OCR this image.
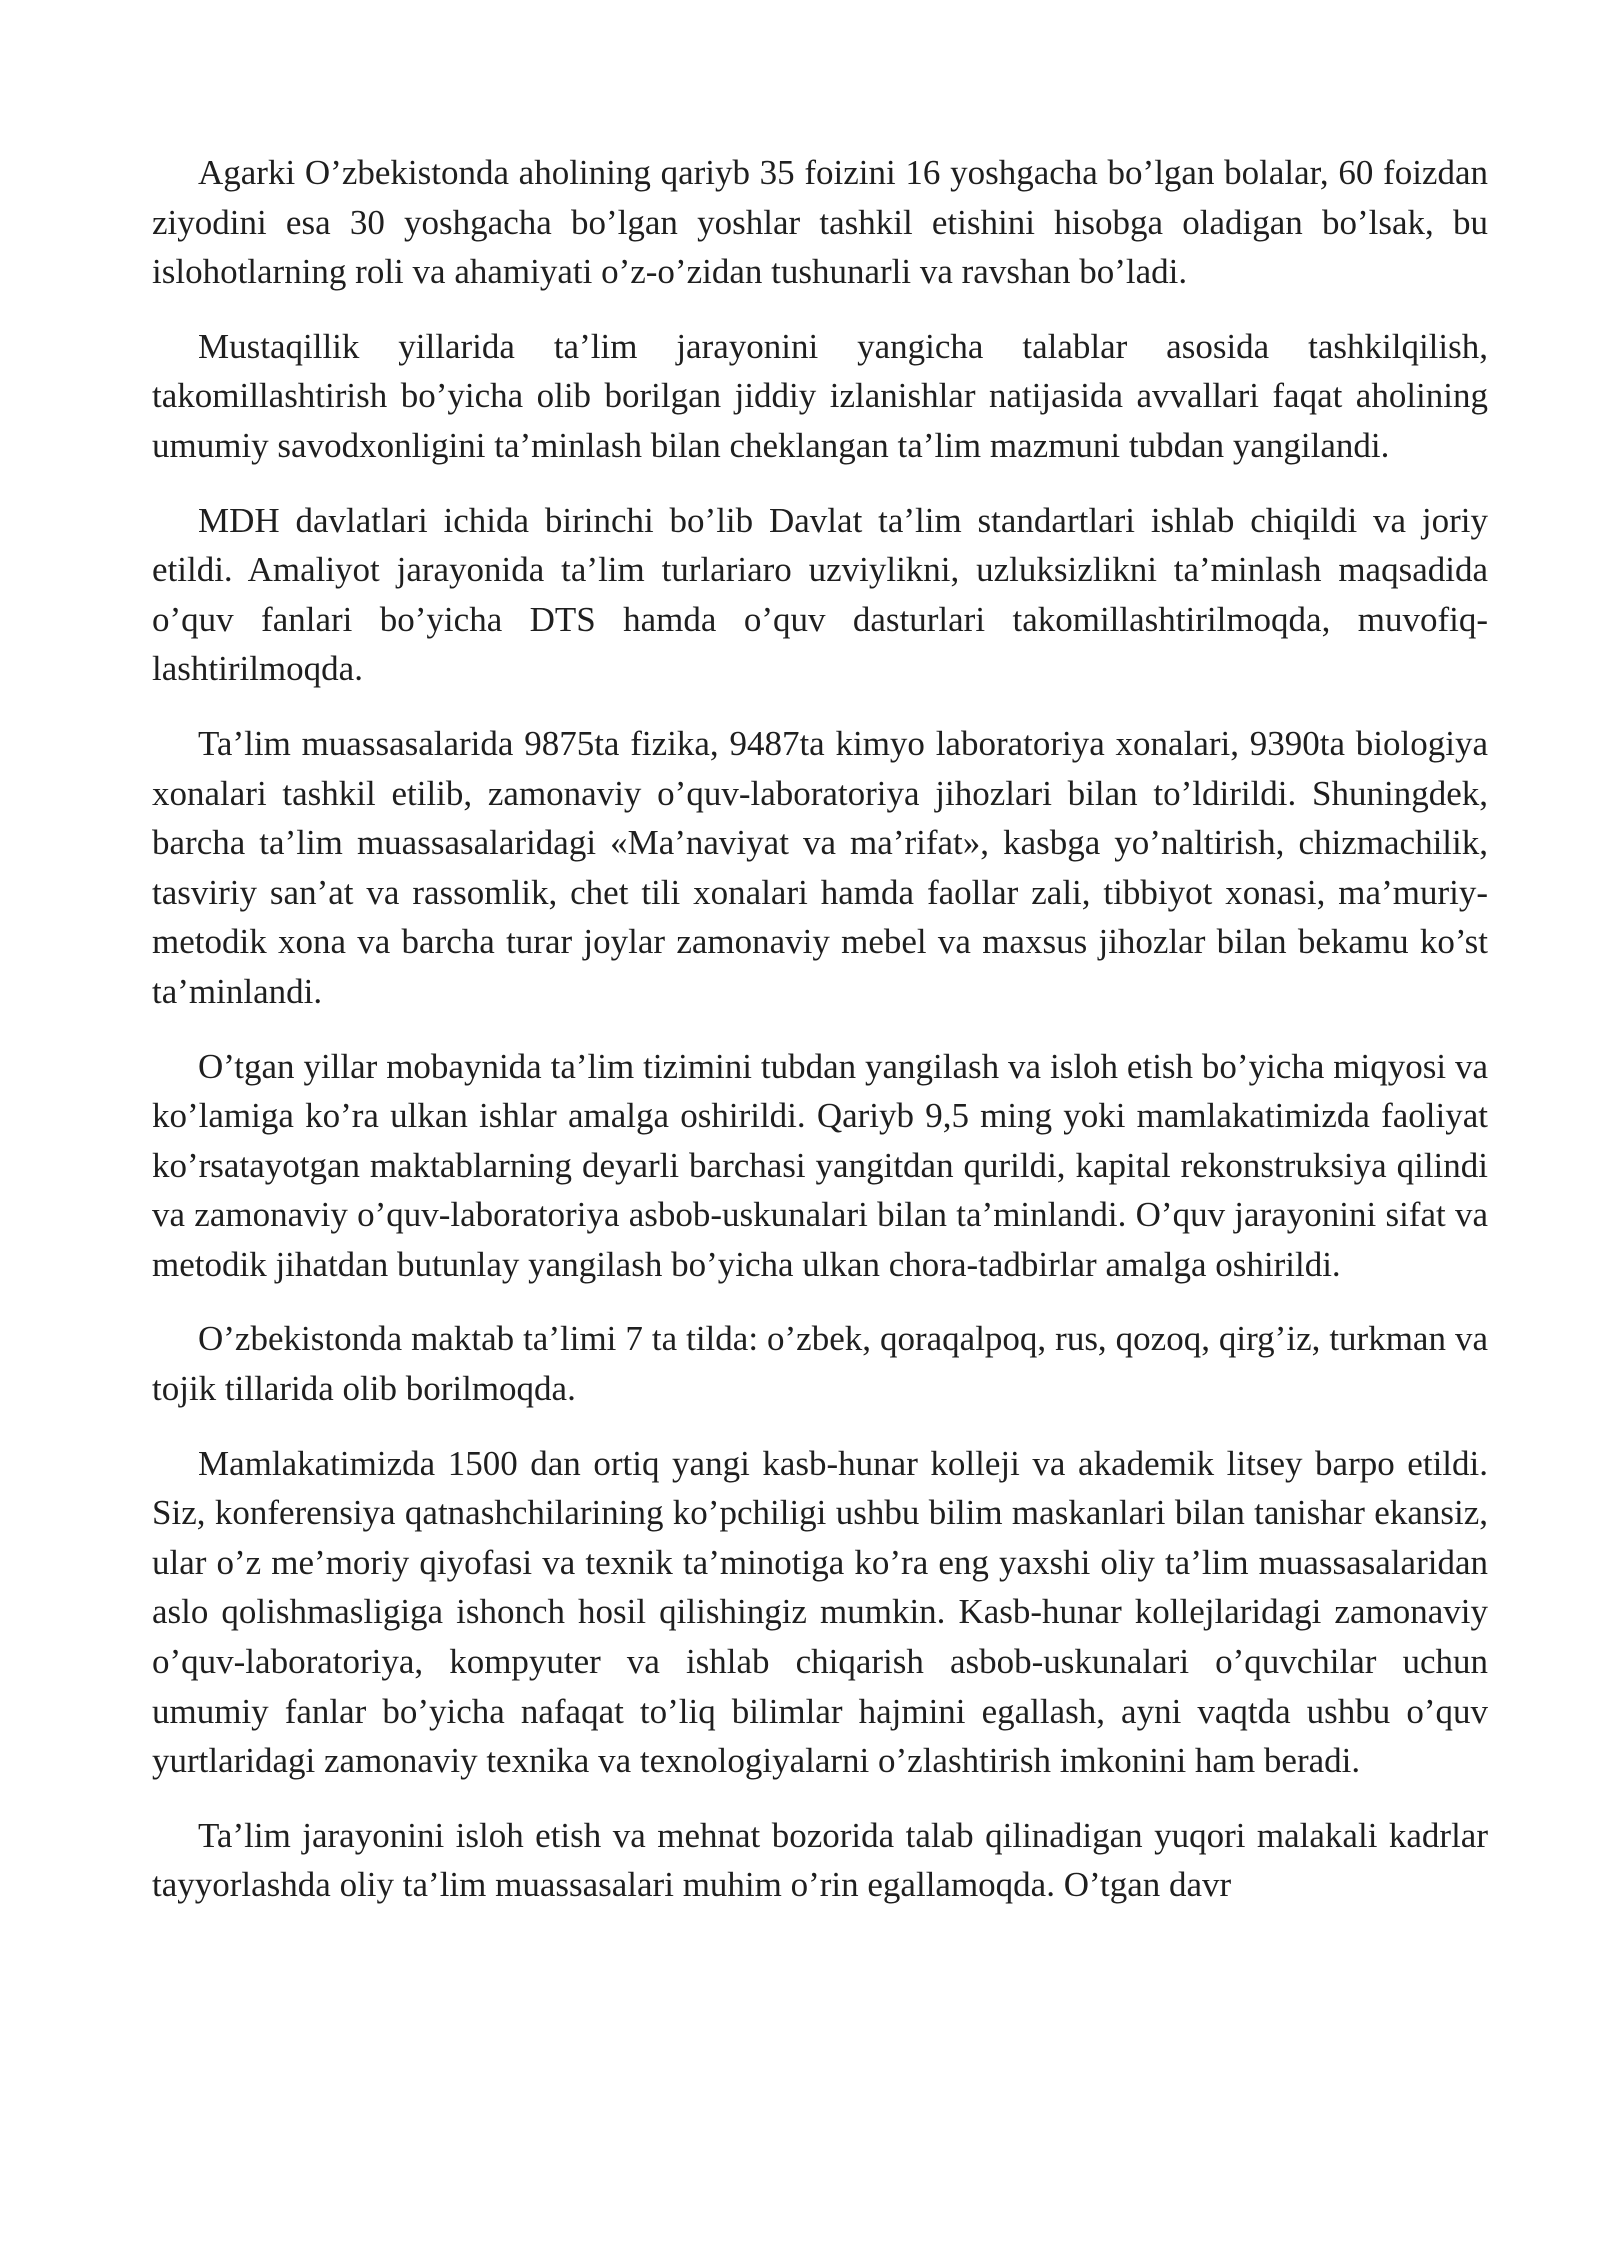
Agarki O’zbekistonda aholining qariyb 35 foizini 16 yoshgacha bo’lgan bolalar, 60 foizdan ziyodini esa 30 yoshgacha bo’lgan yoshlar tashkil etishini hisobga oladigan bo’lsak, bu islohotlarning roli va ahamiyati o’z-o’zidan tushunarli va ravshan bo’ladi.

Mustaqillik yillarida ta’lim jarayonini yangicha talablar asosida tashkilqilish, takomillashtirish bo’yicha olib borilgan jiddiy izlanishlar natijasida avvallari faqat aholining umumiy savodxonligini ta’minlash bilan cheklangan ta’lim mazmuni tubdan yangilandi.

MDH davlatlari ichida birinchi bo’lib Davlat ta’lim standartlari ishlab chiqildi va joriy etildi. Amaliyot jarayonida ta’lim turlariaro uzviylikni, uzluksizlikni ta’minlash maqsadida o’quv fanlari bo’yicha DTS hamda o’quv dasturlari takomillashtirilmoqda, muvofiq-lashtirilmoqda.

Ta’lim muassasalarida 9875ta fizika, 9487ta kimyo laboratoriya xonalari, 9390ta biologiya xonalari tashkil etilib, zamonaviy o’quv-laboratoriya jihozlari bilan to’ldirildi. Shuningdek, barcha ta’lim muassasalaridagi «Ma’naviyat va ma’rifat», kasbga yo’naltirish, chizmachilik, tasviriy san’at va rassomlik, chet tili xonalari hamda faollar zali, tibbiyot xonasi, ma’muriy-metodik xona va barcha turar joylar zamonaviy mebel va maxsus jihozlar bilan bekamu ko’st ta’minlandi.

O’tgan yillar mobaynida ta’lim tizimini tubdan yangilash va isloh etish bo’yicha miqyosi va ko’lamiga ko’ra ulkan ishlar amalga oshirildi. Qariyb 9,5 ming yoki mamlakatimizda faoliyat ko’rsatayotgan maktablarning deyarli barchasi yangitdan qurildi, kapital rekonstruksiya qilindi va zamonaviy o’quv-laboratoriya asbob-uskunalari bilan ta’minlandi. O’quv jarayonini sifat va metodik jihatdan butunlay yangilash bo’yicha ulkan chora-tadbirlar amalga oshirildi.

O’zbekistonda maktab ta’limi 7 ta tilda: o’zbek, qoraqalpoq, rus, qozoq, qirg’iz, turkman va tojik tillarida olib borilmoqda.

Mamlakatimizda 1500 dan ortiq yangi kasb-hunar kolleji va akademik litsey barpo etildi. Siz, konferensiya qatnashchilarining ko’pchiligi ushbu bilim maskanlari bilan tanishar ekansiz, ular o’z me’moriy qiyofasi va texnik ta’minotiga ko’ra eng yaxshi oliy ta’lim muassasalaridan aslo qolishmasligiga ishonch hosil qilishingiz mumkin. Kasb-hunar kollejlaridagi zamonaviy o’quv-laboratoriya, kompyuter va ishlab chiqarish asbob-uskunalari o’quvchilar uchun umumiy fanlar bo’yicha nafaqat to’liq bilimlar hajmini egallash, ayni vaqtda ushbu o’quv yurtlaridagi zamonaviy texnika va texnologiyalarni o’zlashtirish imkonini ham beradi.

Ta’lim jarayonini isloh etish va mehnat bozorida talab qilinadigan yuqori malakali kadrlar tayyorlashda oliy ta’lim muassasalari muhim o’rin egallamoqda. O’tgan davr
